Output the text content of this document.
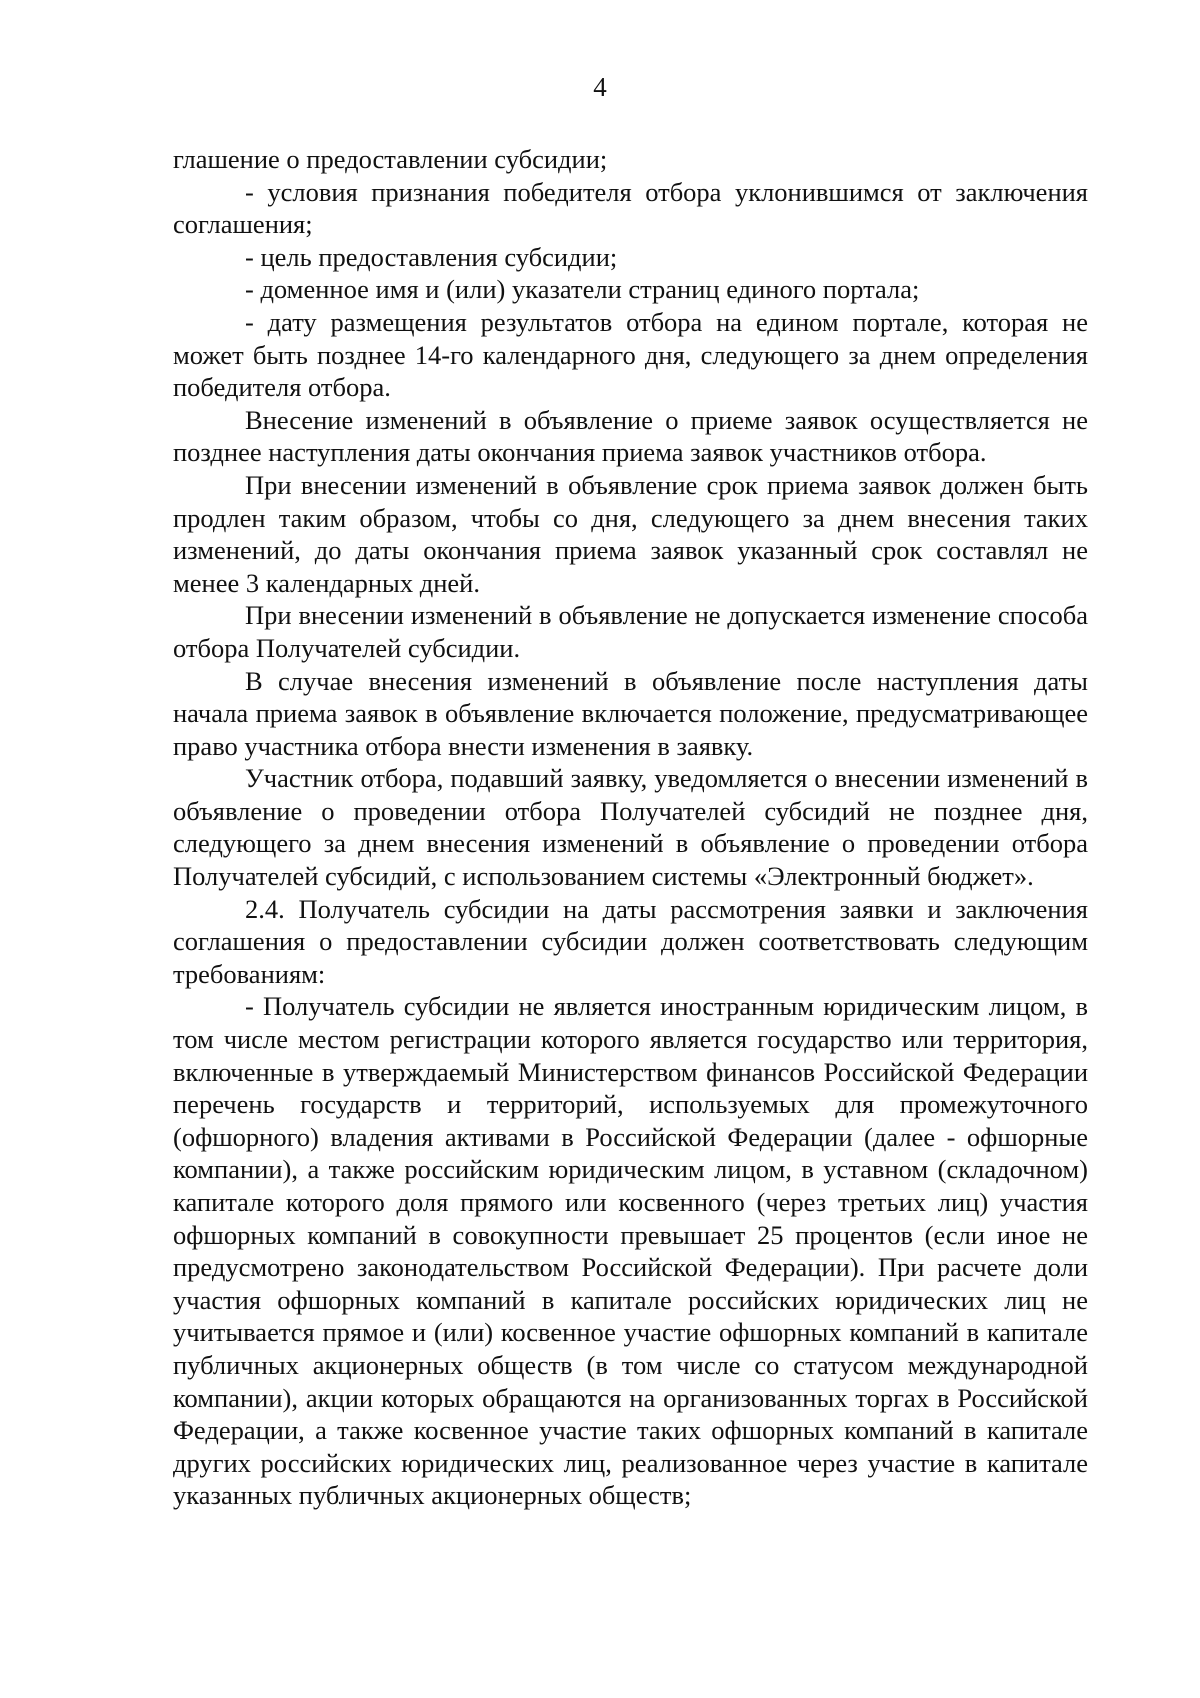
4

глашение о предоставлении субсидии;

- условия признания победителя отбора уклонившимся от заключения соглашения;

- цель предоставления субсидии;

- доменное имя и (или) указатели страниц единого портала;

- дату размещения результатов отбора на едином портале, которая не может быть позднее 14-го календарного дня, следующего за днем определения победителя отбора.

Внесение изменений в объявление о приеме заявок осуществляется не позднее наступления даты окончания приема заявок участников отбора.

При внесении изменений в объявление срок приема заявок должен быть продлен таким образом, чтобы со дня, следующего за днем внесения таких изменений, до даты окончания приема заявок указанный срок составлял не менее 3 календарных дней.

При внесении изменений в объявление не допускается изменение способа отбора Получателей субсидии.

В случае внесения изменений в объявление после наступления даты начала приема заявок в объявление включается положение, предусматривающее право участника отбора внести изменения в заявку.

Участник отбора, подавший заявку, уведомляется о внесении изменений в объявление о проведении отбора Получателей субсидий не позднее дня, следующего за днем внесения изменений в объявление о проведении отбора Получателей субсидий, с использованием системы «Электронный бюджет».

2.4. Получатель субсидии на даты рассмотрения заявки и заключения соглашения о предоставлении субсидии должен соответствовать следующим требованиям:

- Получатель субсидии не является иностранным юридическим лицом, в том числе местом регистрации которого является государство или территория, включенные в утверждаемый Министерством финансов Российской Федерации перечень государств и территорий, используемых для промежуточного (офшорного) владения активами в Российской Федерации (далее - офшорные компании), а также российским юридическим лицом, в уставном (складочном) капитале которого доля прямого или косвенного (через третьих лиц) участия офшорных компаний в совокупности превышает 25 процентов (если иное не предусмотрено законодательством Российской Федерации). При расчете доли участия офшорных компаний в капитале российских юридических лиц не учитывается прямое и (или) косвенное участие офшорных компаний в капитале публичных акционерных обществ (в том числе со статусом международной компании), акции которых обращаются на организованных торгах в Российской Федерации, а также косвенное участие таких офшорных компаний в капитале других российских юридических лиц, реализованное через участие в капитале указанных публичных акционерных обществ;
